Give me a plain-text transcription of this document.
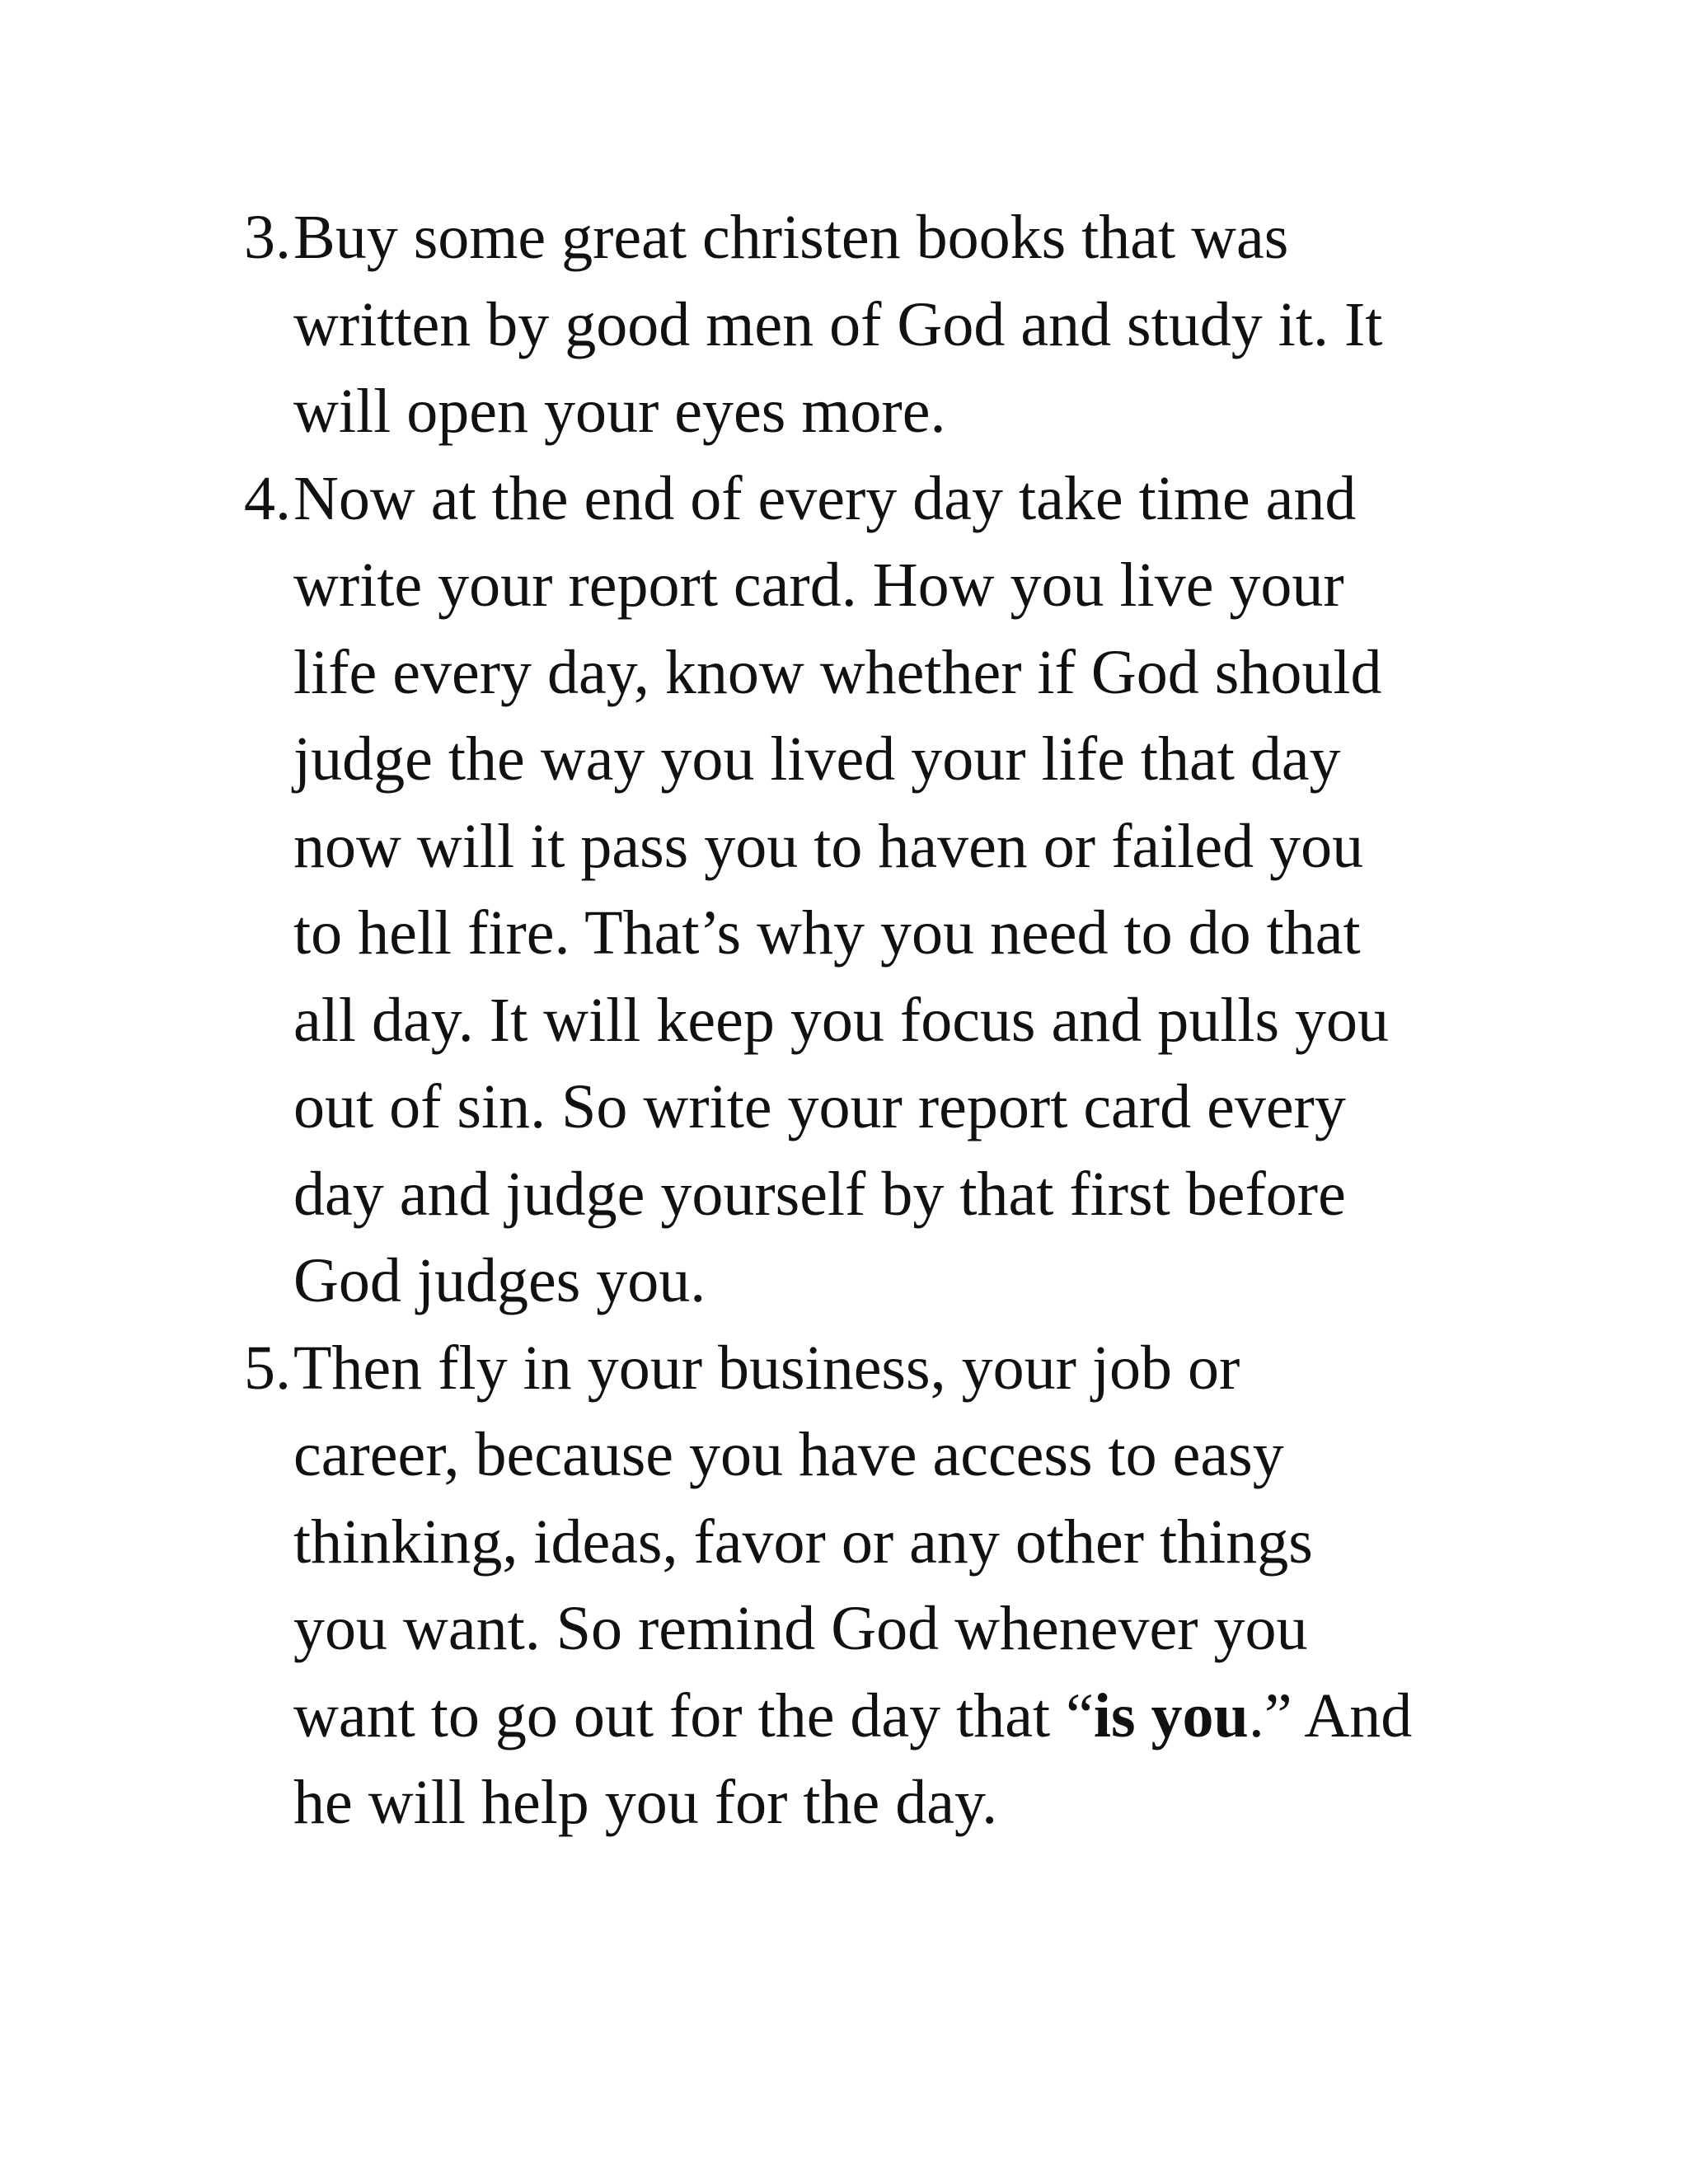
3. Buy some great christen books that was
written by good men of God and study it. It
will open your eyes more.
4. Now at the end of every day take time and
write your report card. How you live your
life every day, know whether if God should
judge the way you lived your life that day
now will it pass you to haven or failed you
to hell fire. That’s why you need to do that
all day. It will keep you focus and pulls you
out of sin. So write your report card every
day and judge yourself by that first before
God judges you.
5. Then fly in your business, your job or
career, because you have access to easy
thinking, ideas, favor or any other things
you want. So remind God whenever you
want to go out for the day that “is you.” And
he will help you for the day.
